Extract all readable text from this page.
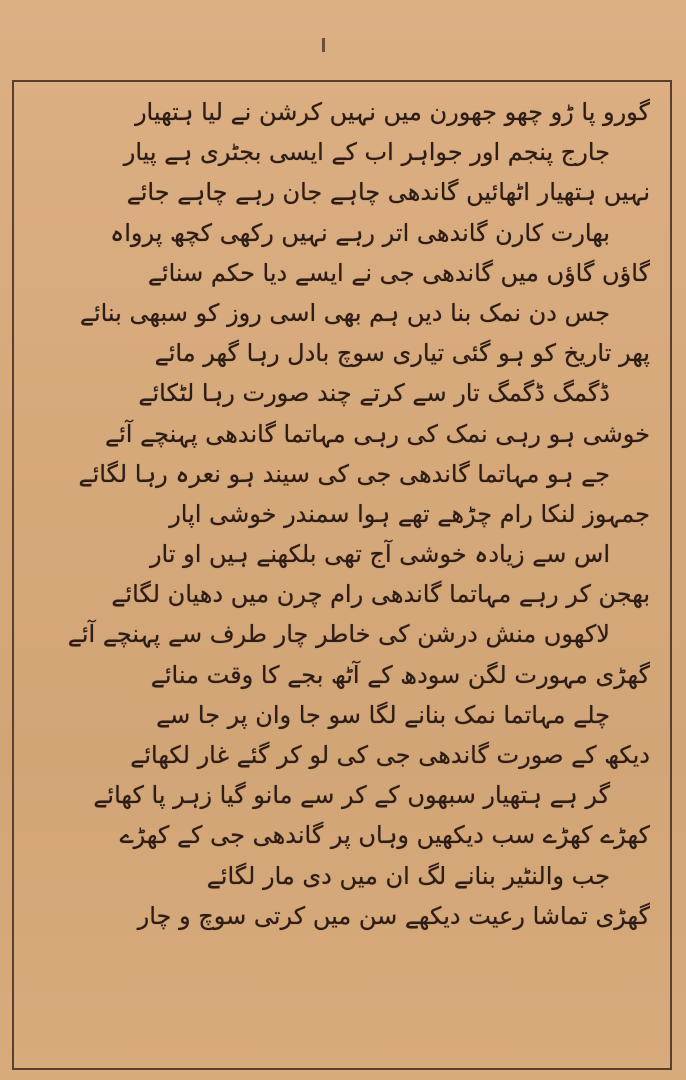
گورو پا ڑو چھو جھورن میں نہیں کرشن نے لیا ہتھیار
جارج پنجم اور جواہر اب کے ایسی بجٹری ہے پیار
نہیں ہتھیار اٹھائیں گاندھی چاہے جان رہے چاہے جائے
بھارت کارن گاندھی اتر رہے نہیں رکھی کچھ پرواہ
گاؤں گاؤں میں گاندھی جی نے ایسے دیا حکم سنائے
جس دن نمک بنا دیں ہم بھی اسی روز کو سبھی بنائے
پھر تاریخ کو ہو گئی تیاری سوچ بادل رہا گھر مائے
ڈگمگ ڈگمگ تار سے کرتے چند صورت رہا لٹکائے
خوشی ہو رہی نمک کی رہی مہاتما گاندھی پہنچے آئے
جے ہو مہاتما گاندھی جی کی سیند ہو نعرہ رہا لگائے
جمہوز لنکا رام چڑھے تھے ہوا سمندر خوشی اپار
اس سے زیادہ خوشی آج تھی بلکھنے ہیں او تار
بھجن کر رہے مہاتما گاندھی رام چرن میں دھیان لگائے
لاکھوں منش درشن کی خاطر چار طرف سے پہنچے آئے
گھڑی مہورت لگن سودھ کے آٹھ بجے کا وقت منائے
چلے مہاتما نمک بنانے لگا سو جا وان پر جا سے
دیکھ کے صورت گاندھی جی کی لو کر گئے غار لکھائے
گر ہے ہتھیار سبھوں کے کر سے مانو گیا زہر پا کھائے
کھڑے کھڑے سب دیکھیں وہاں پر گاندھی جی کے کھڑے
جب والنٹیر بنانے لگ ان میں دی مار لگائے
گھڑی تماشا رعیت دیکھے سن میں کرتی سوچ و چار
